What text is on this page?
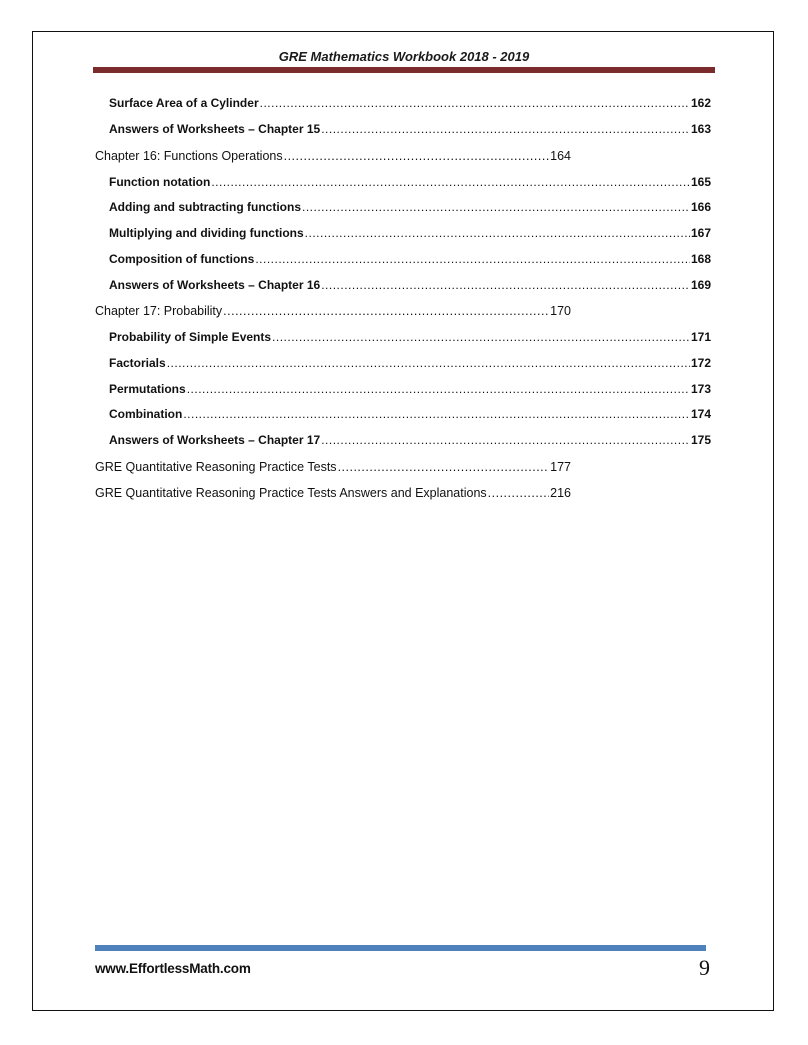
GRE Mathematics Workbook 2018 - 2019
Surface Area of a Cylinder .....	162
Answers of Worksheets – Chapter 15 .....	163
Chapter 16: Functions Operations .....	164
Function notation .....	165
Adding and subtracting functions .....	166
Multiplying and dividing functions .....	167
Composition of functions .....	168
Answers of Worksheets – Chapter 16 .....	169
Chapter 17: Probability .....	170
Probability of Simple Events .....	171
Factorials .....	172
Permutations .....	173
Combination .....	174
Answers of Worksheets – Chapter 17 .....	175
GRE Quantitative Reasoning Practice Tests .....	177
GRE Quantitative Reasoning Practice Tests Answers and Explanations .....	216
www.EffortlessMath.com	9
